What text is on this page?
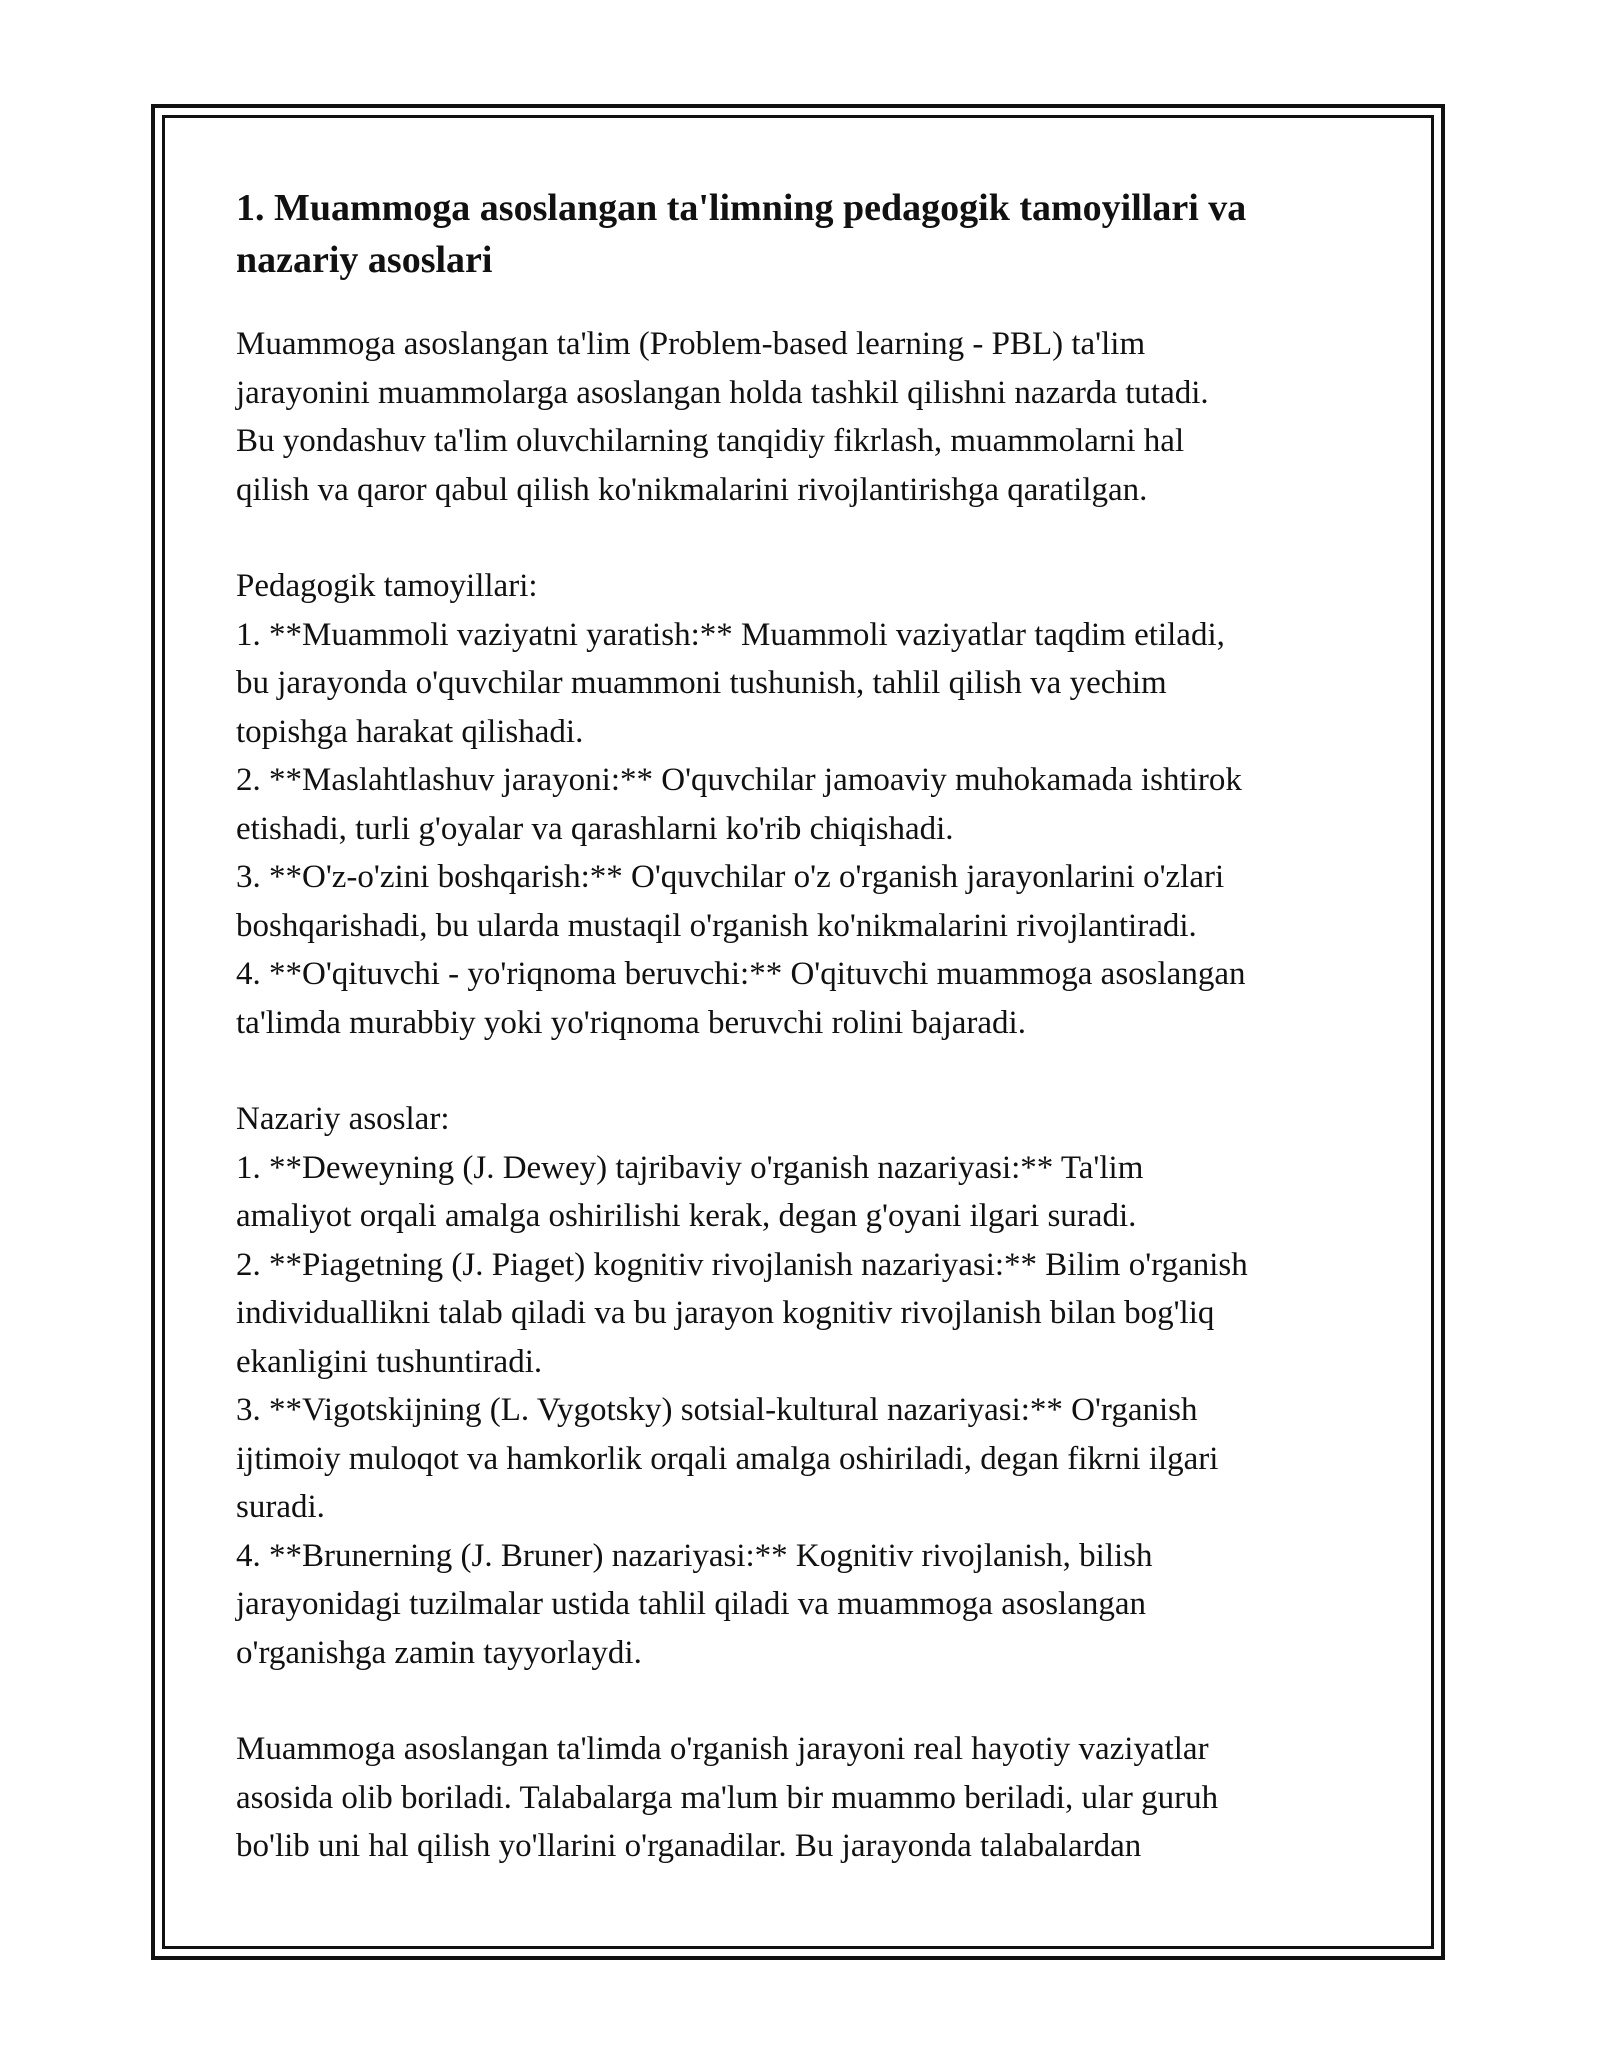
1. Muammoga asoslangan ta'limning pedagogik tamoyillari va nazariy asoslari
Muammoga asoslangan ta'lim (Problem-based learning - PBL) ta'lim
jarayonini muammolarga asoslangan holda tashkil qilishni nazarda tutadi.
Bu yondashuv ta'lim oluvchilarning tanqidiy fikrlash, muammolarni hal
qilish va qaror qabul qilish ko'nikmalarini rivojlantirishga qaratilgan.
Pedagogik tamoyillari:
1. **Muammoli vaziyatni yaratish:** Muammoli vaziyatlar taqdim etiladi,
bu jarayonda o'quvchilar muammoni tushunish, tahlil qilish va yechim
topishga harakat qilishadi.
2. **Maslahtlashuv jarayoni:** O'quvchilar jamoaviy muhokamada ishtirok
etishadi, turli g'oyalar va qarashlarni ko'rib chiqishadi.
3. **O'z-o'zini boshqarish:** O'quvchilar o'z o'rganish jarayonlarini o'zlari
boshqarishadi, bu ularda mustaqil o'rganish ko'nikmalarini rivojlantiradi.
4. **O'qituvchi - yo'riqnoma beruvchi:** O'qituvchi muammoga asoslangan
ta'limda murabbiy yoki yo'riqnoma beruvchi rolini bajaradi.
Nazariy asoslar:
1. **Deweyning (J. Dewey) tajribaviy o'rganish nazariyasi:** Ta'lim
amaliyot orqali amalga oshirilishi kerak, degan g'oyani ilgari suradi.
2. **Piagetning (J. Piaget) kognitiv rivojlanish nazariyasi:** Bilim o'rganish
individuallikni talab qiladi va bu jarayon kognitiv rivojlanish bilan bog'liq
ekanligini tushuntiradi.
3. **Vigotskijning (L. Vygotsky) sotsial-kultural nazariyasi:** O'rganish
ijtimoiy muloqot va hamkorlik orqali amalga oshiriladi, degan fikrni ilgari
suradi.
4. **Brunerning (J. Bruner) nazariyasi:** Kognitiv rivojlanish, bilish
jarayonidagi tuzilmalar ustida tahlil qiladi va muammoga asoslangan
o'rganishga zamin tayyorlaydi.
Muammoga asoslangan ta'limda o'rganish jarayoni real hayotiy vaziyatlar
asosida olib boriladi. Talabalarga ma'lum bir muammo beriladi, ular guruh
bo'lib uni hal qilish yo'llarini o'rganadilar. Bu jarayonda talabalardan
